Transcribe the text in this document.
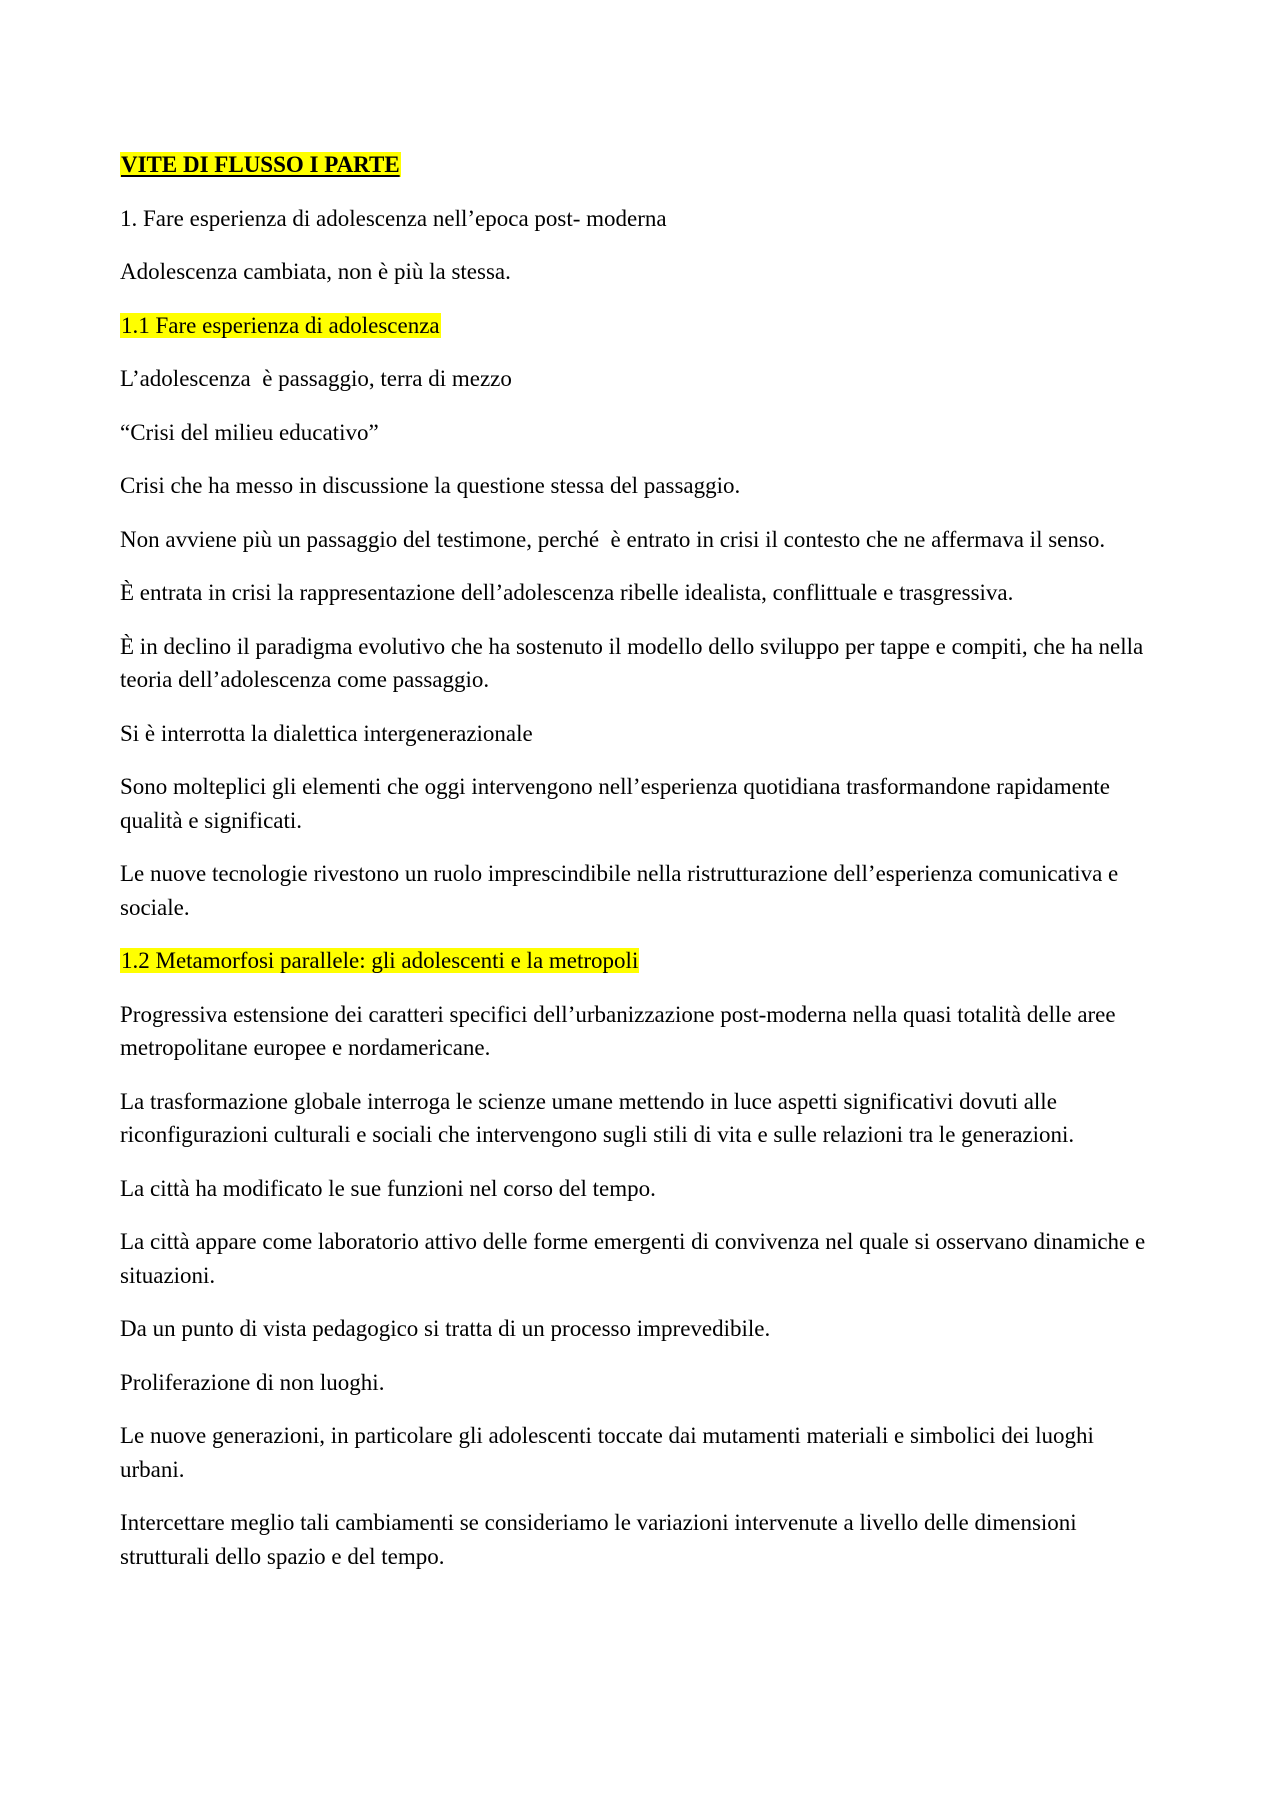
VITE DI FLUSSO I PARTE

1. Fare esperienza di adolescenza nell’epoca post- moderna

Adolescenza cambiata, non è più la stessa.

1.1 Fare esperienza di adolescenza

L’adolescenza  è passaggio, terra di mezzo

“Crisi del milieu educativo”

Crisi che ha messo in discussione la questione stessa del passaggio.

Non avviene più un passaggio del testimone, perché  è entrato in crisi il contesto che ne affermava il senso.

È entrata in crisi la rappresentazione dell’adolescenza ribelle idealista, conflittuale e trasgressiva.

È in declino il paradigma evolutivo che ha sostenuto il modello dello sviluppo per tappe e compiti, che ha nella teoria dell’adolescenza come passaggio.

Si è interrotta la dialettica intergenerazionale

Sono molteplici gli elementi che oggi intervengono nell’esperienza quotidiana trasformandone rapidamente qualità e significati.

Le nuove tecnologie rivestono un ruolo imprescindibile nella ristrutturazione dell’esperienza comunicativa e sociale.

1.2 Metamorfosi parallele: gli adolescenti e la metropoli

Progressiva estensione dei caratteri specifici dell’urbanizzazione post-moderna nella quasi totalità delle aree metropolitane europee e nordamericane.

La trasformazione globale interroga le scienze umane mettendo in luce aspetti significativi dovuti alle riconfigurazioni culturali e sociali che intervengono sugli stili di vita e sulle relazioni tra le generazioni.

La città ha modificato le sue funzioni nel corso del tempo.

La città appare come laboratorio attivo delle forme emergenti di convivenza nel quale si osservano dinamiche e situazioni.

Da un punto di vista pedagogico si tratta di un processo imprevedibile.

Proliferazione di non luoghi.

Le nuove generazioni, in particolare gli adolescenti toccate dai mutamenti materiali e simbolici dei luoghi urbani.

Intercettare meglio tali cambiamenti se consideriamo le variazioni intervenute a livello delle dimensioni strutturali dello spazio e del tempo.
